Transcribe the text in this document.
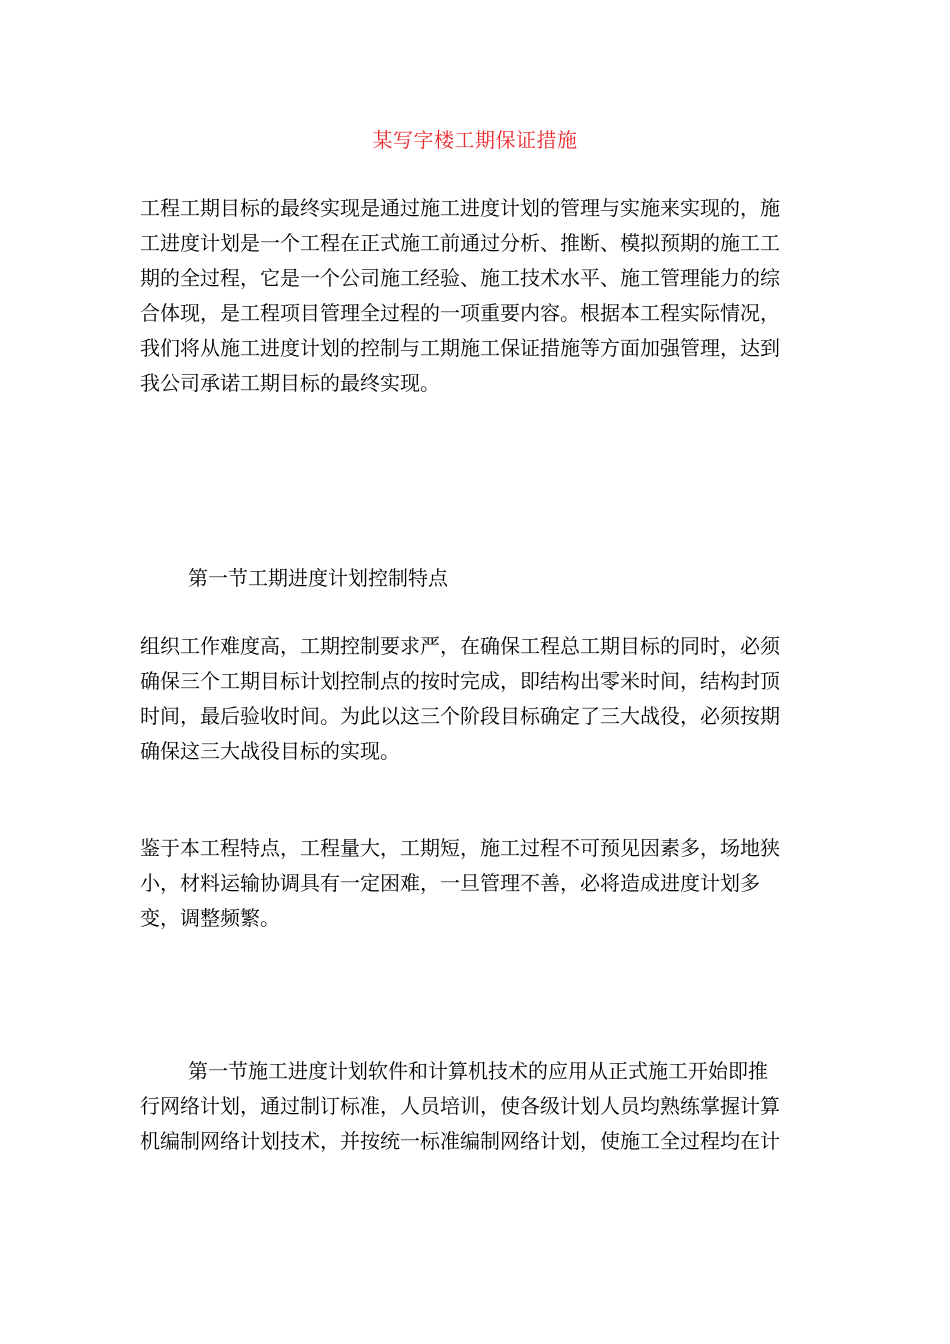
某写字楼工期保证措施
工程工期目标的最终实现是通过施工进度计划的管理与实施来实现的，施
工进度计划是一个工程在正式施工前通过分析、推断、模拟预期的施工工
期的全过程，它是一个公司施工经验、施工技术水平、施工管理能力的综
合体现，是工程项目管理全过程的一项重要内容。根据本工程实际情况，
我们将从施工进度计划的控制与工期施工保证措施等方面加强管理，达到
我公司承诺工期目标的最终实现。
第一节工期进度计划控制特点
组织工作难度高，工期控制要求严，在确保工程总工期目标的同时，必须
确保三个工期目标计划控制点的按时完成，即结构出零米时间，结构封顶
时间，最后验收时间。为此以这三个阶段目标确定了三大战役，必须按期
确保这三大战役目标的实现。
鉴于本工程特点，工程量大，工期短，施工过程不可预见因素多，场地狭
小，材料运输协调具有一定困难，一旦管理不善，必将造成进度计划多
变，调整频繁。
第一节施工进度计划软件和计算机技术的应用从正式施工开始即推
行网络计划，通过制订标准，人员培训，使各级计划人员均熟练掌握计算
机编制网络计划技术，并按统一标准编制网络计划，使施工全过程均在计
